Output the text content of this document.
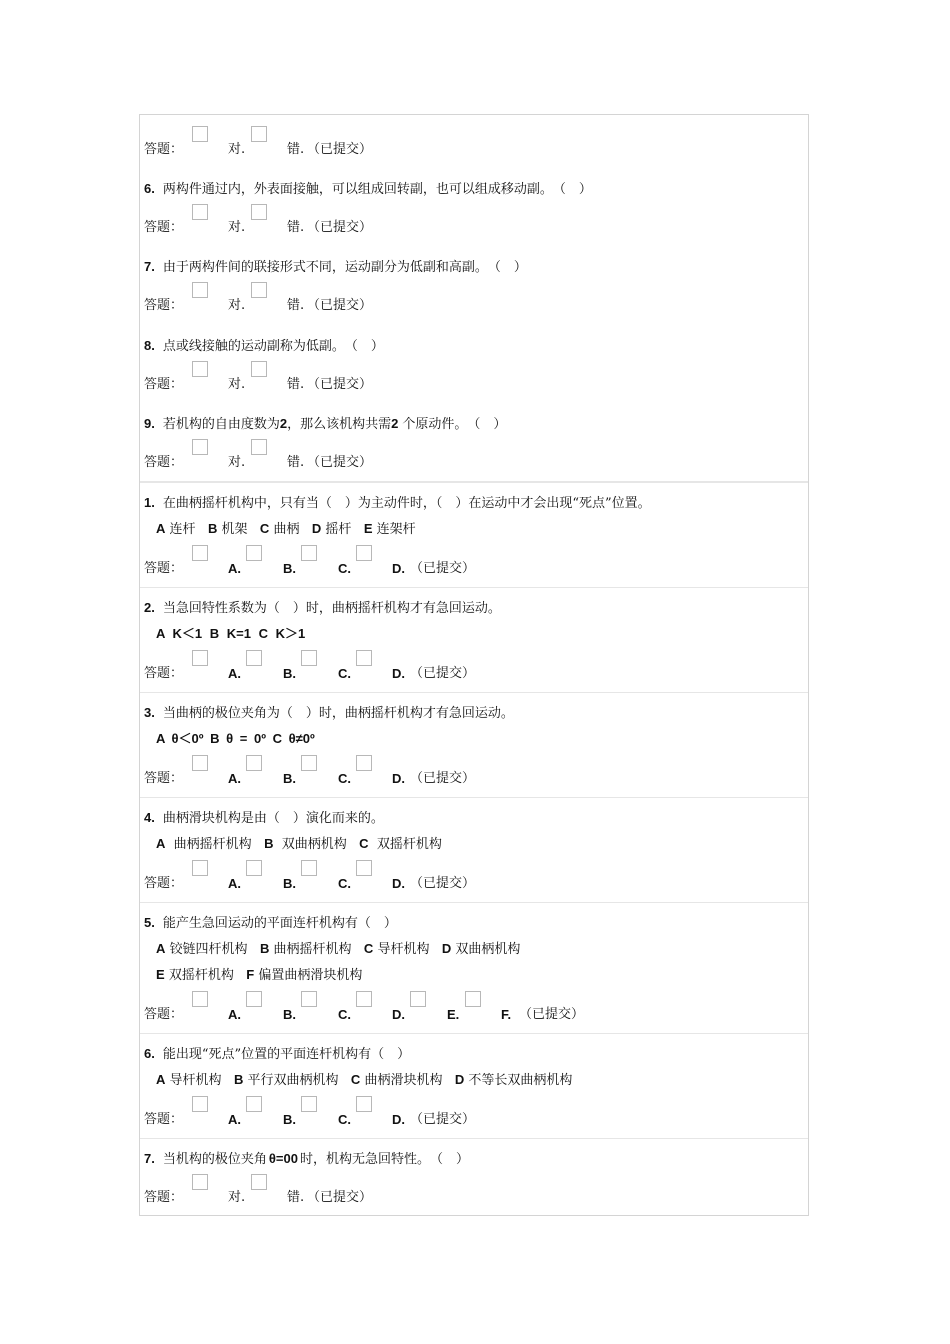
答题：	对.	错. （已提交）
6. 两构件通过内，外表面接触，可以组成回转副，也可以组成移动副。　（　）
答题：	对.	错. （已提交）
7. 由于两构件间的联接形式不同，运动副分为低副和高副。　（　）
答题：	对.	错. （已提交）
8. 点或线接触的运动副称为低副。　（　）
答题：	对.	错. （已提交）
9. 若机构的自由度数为2，那么该机构共需2 个原动件。　（　）
答题：	对.	错. （已提交）
1. 在曲柄摇杆机构中，只有当（　）为主动件时，（　）在运动中才会出现“死点”位置。
A 连杆 B 机架 C 曲柄 D 摇杆 E 连架杆
答题：	A.	B.	C.	D. （已提交）
2. 当急回特性系数为（　）时，曲柄摇杆机构才有急回运动。
A K＜1 B K=1 C K＞1
答题：	A.	B.	C.	D. （已提交）
3. 当曲柄的极位夹角为（　）时，曲柄摇杆机构才有急回运动。
A θ＜0º B θ = 0º C θ≠0º
答题：	A.	B.	C.	D. （已提交）
4. 曲柄滑块机构是由（　）演化而来的。
A 曲柄摇杆机构 B 双曲柄机构 C 双摇杆机构
答题：	A.	B.	C.	D. （已提交）
5. 能产生急回运动的平面连杆机构有（　）
A 铰链四杆机构 B 曲柄摇杆机构 C 导杆机构 D 双曲柄机构
E 双摇杆机构 F 偏置曲柄滑块机构
答题：	A.	B.	C.	D.	E.	F. （已提交）
6. 能出现“死点”位置的平面连杆机构有（　）
A 导杆机构 B 平行双曲柄机构 C 曲柄滑块机构 D 不等长双曲柄机构
答题：	A.	B.	C.	D. （已提交）
7. 当机构的极位夹角 θ=00 时，机构无急回特性。　（　）
答题：	对.	错. （已提交）
